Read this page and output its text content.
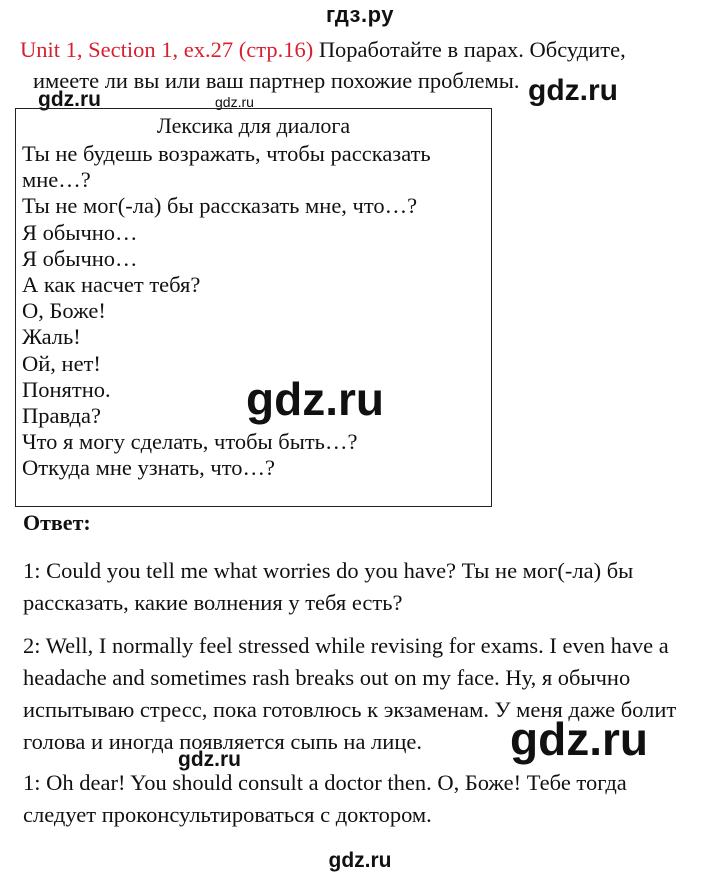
гдз.ру
Unit 1, Section 1, ex.27 (стр.16) Поработайте в парах. Обсудите,
имеете ли вы или ваш партнер похожие проблемы.
gdz.ru	gdz.ru	gdz.ru
Лексика для диалога
Ты не будешь возражать, чтобы рассказать
мне…?
Ты не мог(-ла) бы рассказать мне, что…?
Я обычно…
Я обычно…
А как насчет тебя?
О, Боже!
Жаль!
Ой, нет!
Понятно.
Правда?
Что я могу сделать, чтобы быть…?
Откуда мне узнать, что…?
gdz.ru
Ответ:
1: Could you tell me what worries do you have? Ты не мог(-ла) бы
рассказать, какие волнения у тебя есть?
2: Well, I normally feel stressed while revising for exams. I even have a
headache and sometimes rash breaks out on my face. Ну, я обычно
испытываю стресс, пока готовлюсь к экзаменам. У меня даже болит
голова и иногда появляется сыпь на лице.
gdz.ru	gdz.ru
1: Oh dear! You should consult a doctor then. О, Боже! Тебе тогда
следует проконсультироваться с доктором.
gdz.ru
